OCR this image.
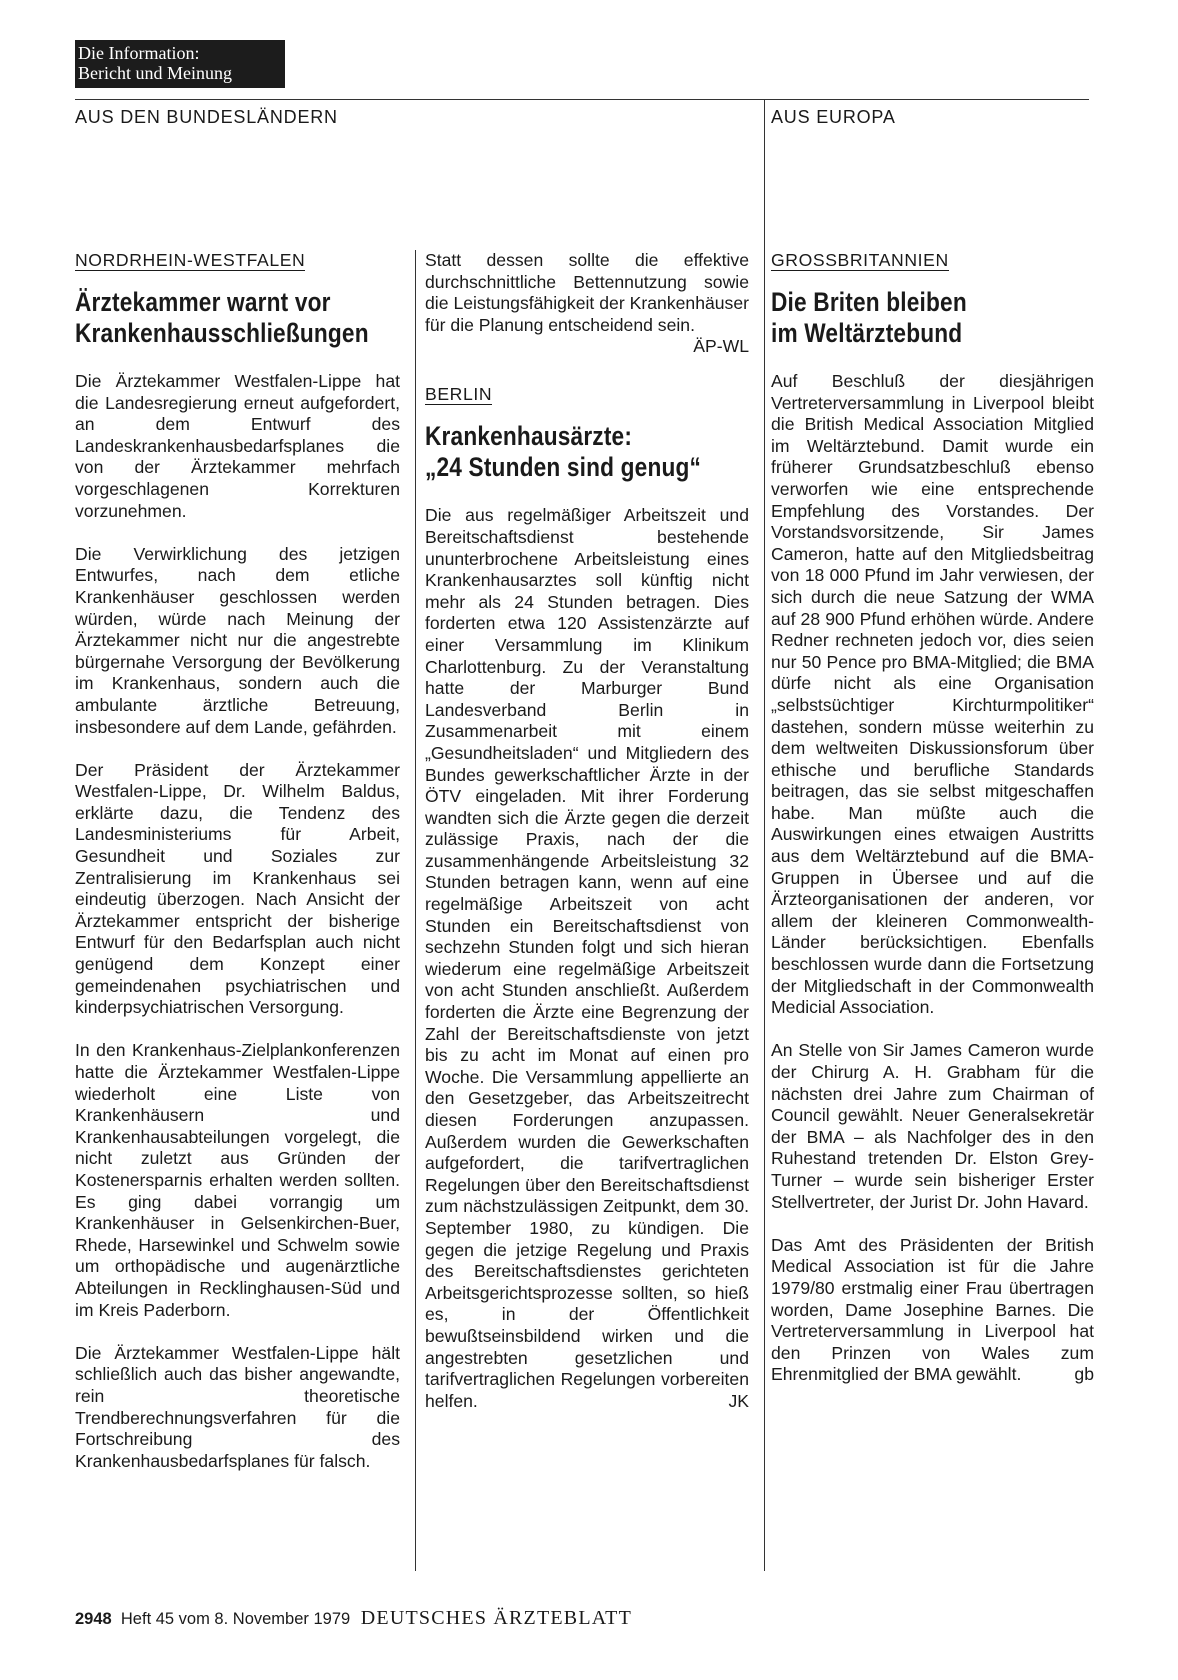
Die Information:
Bericht und Meinung
AUS DEN BUNDESLÄNDERN	AUS EUROPA
NORDRHEIN-WESTFALEN
Ärztekammer warnt vor
Krankenhausschließungen

Die Ärztekammer Westfalen-Lippe hat die Landesregierung erneut aufgefordert, an dem Entwurf des Landeskrankenhausbedarfsplanes die von der Ärztekammer mehrfach vorgeschlagenen Korrekturen vorzunehmen.

Die Verwirklichung des jetzigen Entwurfes, nach dem etliche Krankenhäuser geschlossen werden würden, würde nach Meinung der Ärztekammer nicht nur die angestrebte bürgernahe Versorgung der Bevölkerung im Krankenhaus, sondern auch die ambulante ärztliche Betreuung, insbesondere auf dem Lande, gefährden.

Der Präsident der Ärztekammer Westfalen-Lippe, Dr. Wilhelm Baldus, erklärte dazu, die Tendenz des Landesministeriums für Arbeit, Gesundheit und Soziales zur Zentralisierung im Krankenhaus sei eindeutig überzogen. Nach Ansicht der Ärztekammer entspricht der bisherige Entwurf für den Bedarfsplan auch nicht genügend dem Konzept einer gemeindenahen psychiatrischen und kinderpsychiatrischen Versorgung.

In den Krankenhaus-Zielplankonferenzen hatte die Ärztekammer Westfalen-Lippe wiederholt eine Liste von Krankenhäusern und Krankenhausabteilungen vorgelegt, die nicht zuletzt aus Gründen der Kostenersparnis erhalten werden sollten. Es ging dabei vorrangig um Krankenhäuser in Gelsenkirchen-Buer, Rhede, Harsewinkel und Schwelm sowie um orthopädische und augenärztliche Abteilungen in Recklinghausen-Süd und im Kreis Paderborn.

Die Ärztekammer Westfalen-Lippe hält schließlich auch das bisher angewandte, rein theoretische Trendberechnungsverfahren für die Fortschreibung des Krankenhausbedarfsplanes für falsch.

Statt dessen sollte die effektive durchschnittliche Bettennutzung sowie die Leistungsfähigkeit der Krankenhäuser für die Planung entscheidend sein.
ÄP-WL

BERLIN
Krankenhausärzte:
„24 Stunden sind genug“

Die aus regelmäßiger Arbeitszeit und Bereitschaftsdienst bestehende ununterbrochene Arbeitsleistung eines Krankenhausarztes soll künftig nicht mehr als 24 Stunden betragen. Dies forderten etwa 120 Assistenzärzte auf einer Versammlung im Klinikum Charlottenburg. Zu der Veranstaltung hatte der Marburger Bund Landesverband Berlin in Zusammenarbeit mit einem „Gesundheitsladen“ und Mitgliedern des Bundes gewerkschaftlicher Ärzte in der ÖTV eingeladen. Mit ihrer Forderung wandten sich die Ärzte gegen die derzeit zulässige Praxis, nach der die zusammenhängende Arbeitsleistung 32 Stunden betragen kann, wenn auf eine regelmäßige Arbeitszeit von acht Stunden ein Bereitschaftsdienst von sechzehn Stunden folgt und sich hieran wiederum eine regelmäßige Arbeitszeit von acht Stunden anschließt. Außerdem forderten die Ärzte eine Begrenzung der Zahl der Bereitschaftsdienste von jetzt bis zu acht im Monat auf einen pro Woche. Die Versammlung appellierte an den Gesetzgeber, das Arbeitszeitrecht diesen Forderungen anzupassen. Außerdem wurden die Gewerkschaften aufgefordert, die tarifvertraglichen Regelungen über den Bereitschaftsdienst zum nächstzulässigen Zeitpunkt, dem 30. September 1980, zu kündigen. Die gegen die jetzige Regelung und Praxis des Bereitschaftsdienstes gerichteten Arbeitsgerichtsprozesse sollten, so hieß es, in der Öffentlichkeit bewußtseinsbildend wirken und die angestrebten gesetzlichen und tarifvertraglichen Regelungen vorbereiten helfen.	JK

GROSSBRITANNIEN
Die Briten bleiben
im Weltärztebund

Auf Beschluß der diesjährigen Vertreterversammlung in Liverpool bleibt die British Medical Association Mitglied im Weltärztebund. Damit wurde ein früherer Grundsatzbeschluß ebenso verworfen wie eine entsprechende Empfehlung des Vorstandes. Der Vorstandsvorsitzende, Sir James Cameron, hatte auf den Mitgliedsbeitrag von 18 000 Pfund im Jahr verwiesen, der sich durch die neue Satzung der WMA auf 28 900 Pfund erhöhen würde. Andere Redner rechneten jedoch vor, dies seien nur 50 Pence pro BMA-Mitglied; die BMA dürfe nicht als eine Organisation „selbstsüchtiger Kirchturmpolitiker“ dastehen, sondern müsse weiterhin zu dem weltweiten Diskussionsforum über ethische und berufliche Standards beitragen, das sie selbst mitgeschaffen habe. Man müßte auch die Auswirkungen eines etwaigen Austritts aus dem Weltärztebund auf die BMA-Gruppen in Übersee und auf die Ärzteorganisationen der anderen, vor allem der kleineren Commonwealth-Länder berücksichtigen. Ebenfalls beschlossen wurde dann die Fortsetzung der Mitgliedschaft in der Commonwealth Medicial Association.

An Stelle von Sir James Cameron wurde der Chirurg A. H. Grabham für die nächsten drei Jahre zum Chairman of Council gewählt. Neuer Generalsekretär der BMA – als Nachfolger des in den Ruhestand tretenden Dr. Elston Grey-Turner – wurde sein bisheriger Erster Stellvertreter, der Jurist Dr. John Havard.

Das Amt des Präsidenten der British Medical Association ist für die Jahre 1979/80 erstmalig einer Frau übertragen worden, Dame Josephine Barnes. Die Vertreterversammlung in Liverpool hat den Prinzen von Wales zum Ehrenmitglied der BMA gewählt.	gb

2948 Heft 45 vom 8. November 1979 DEUTSCHES ÄRZTEBLATT
